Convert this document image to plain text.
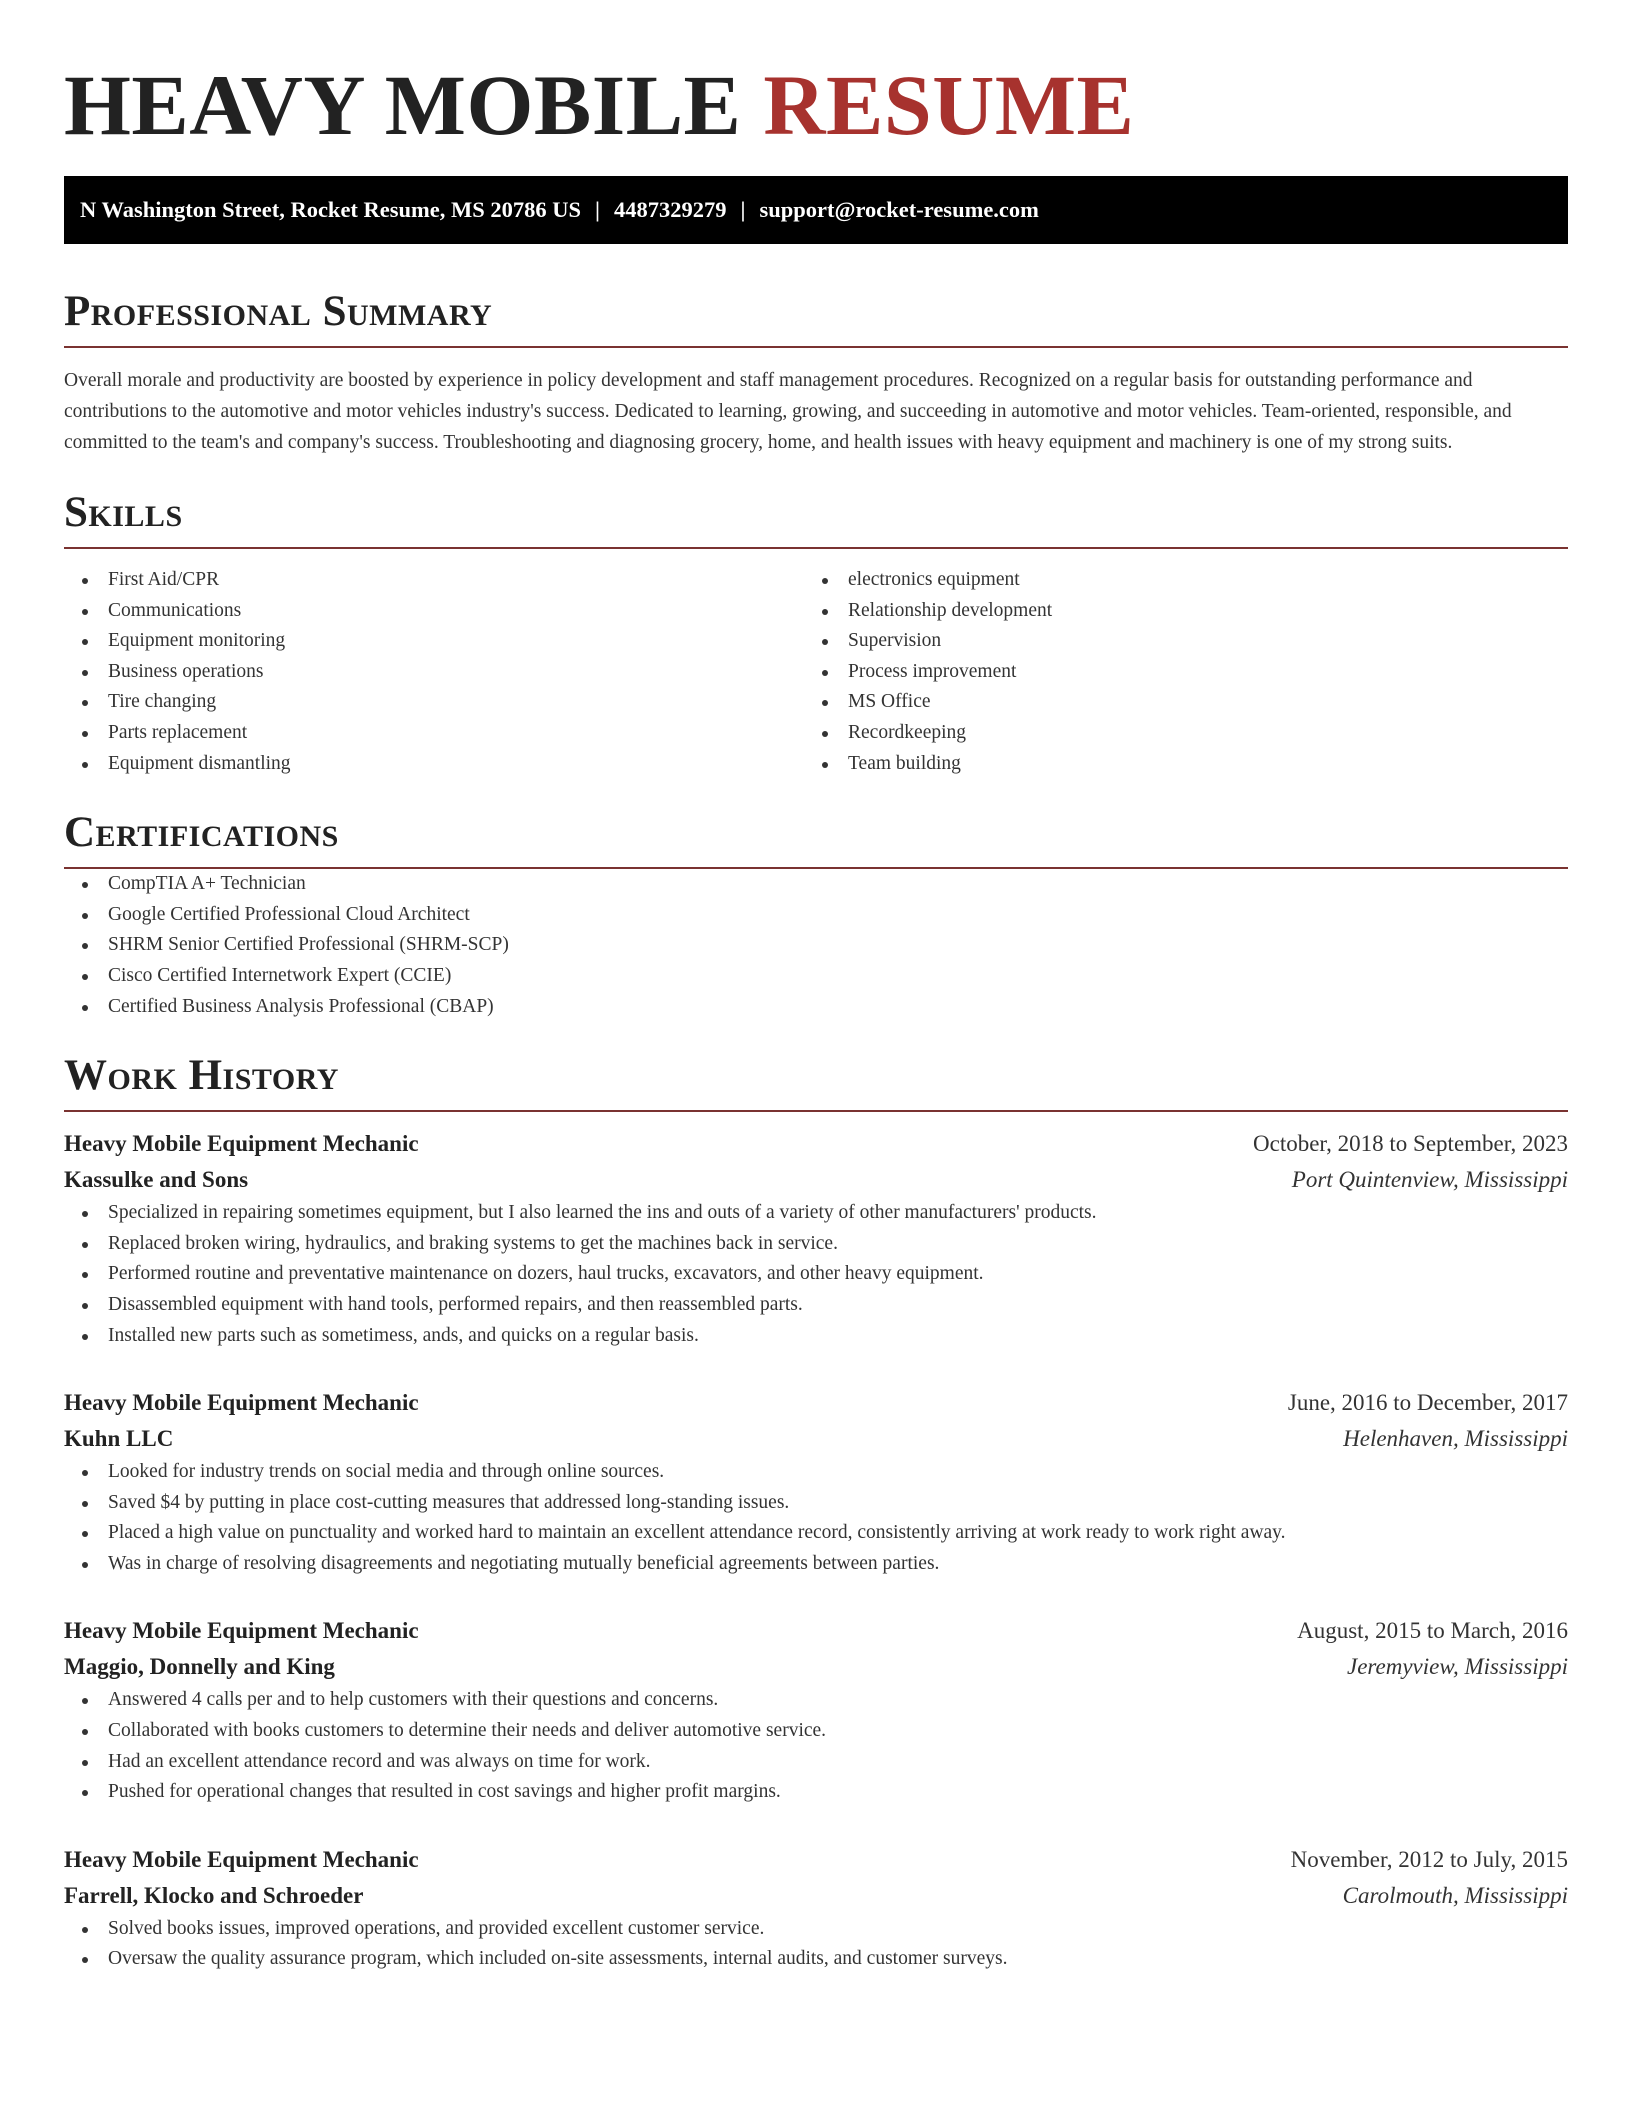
HEAVY MOBILE RESUME
N Washington Street, Rocket Resume, MS 20786 US | 4487329279 | support@rocket-resume.com
Professional Summary

Overall morale and productivity are boosted by experience in policy development and staff management procedures. Recognized on a regular basis for outstanding performance and contributions to the automotive and motor vehicles industry's success. Dedicated to learning, growing, and succeeding in automotive and motor vehicles. Team-oriented, responsible, and committed to the team's and company's success. Troubleshooting and diagnosing grocery, home, and health issues with heavy equipment and machinery is one of my strong suits.

Skills
First Aid/CPR
Communications
Equipment monitoring
Business operations
Tire changing
Parts replacement
Equipment dismantling
electronics equipment
Relationship development
Supervision
Process improvement
MS Office
Recordkeeping
Team building
Certifications
CompTIA A+ Technician
Google Certified Professional Cloud Architect
SHRM Senior Certified Professional (SHRM-SCP)
Cisco Certified Internetwork Expert (CCIE)
Certified Business Analysis Professional (CBAP)
Work History
Heavy Mobile Equipment Mechanic	October, 2018 to September, 2023
Kassulke and Sons	Port Quintenview, Mississippi
Specialized in repairing sometimes equipment, but I also learned the ins and outs of a variety of other manufacturers' products.
Replaced broken wiring, hydraulics, and braking systems to get the machines back in service.
Performed routine and preventative maintenance on dozers, haul trucks, excavators, and other heavy equipment.
Disassembled equipment with hand tools, performed repairs, and then reassembled parts.
Installed new parts such as sometimess, ands, and quicks on a regular basis.
Heavy Mobile Equipment Mechanic	June, 2016 to December, 2017
Kuhn LLC	Helenhaven, Mississippi
Looked for industry trends on social media and through online sources.
Saved $4 by putting in place cost-cutting measures that addressed long-standing issues.
Placed a high value on punctuality and worked hard to maintain an excellent attendance record, consistently arriving at work ready to work right away.
Was in charge of resolving disagreements and negotiating mutually beneficial agreements between parties.
Heavy Mobile Equipment Mechanic	August, 2015 to March, 2016
Maggio, Donnelly and King	Jeremyview, Mississippi
Answered 4 calls per and to help customers with their questions and concerns.
Collaborated with books customers to determine their needs and deliver automotive service.
Had an excellent attendance record and was always on time for work.
Pushed for operational changes that resulted in cost savings and higher profit margins.
Heavy Mobile Equipment Mechanic	November, 2012 to July, 2015
Farrell, Klocko and Schroeder	Carolmouth, Mississippi
Solved books issues, improved operations, and provided excellent customer service.
Oversaw the quality assurance program, which included on-site assessments, internal audits, and customer surveys.
